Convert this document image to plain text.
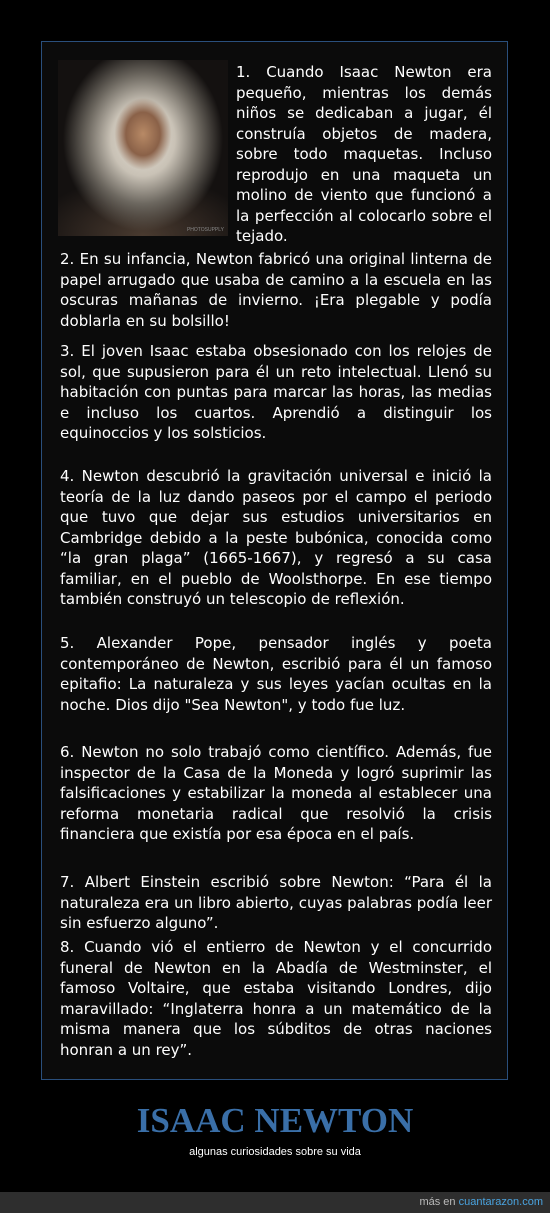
PHOTOSUPPLY

1. Cuando Isaac Newton era pequeño, mientras los demás niños se dedicaban a jugar, él construía objetos de madera, sobre todo maquetas. Incluso reprodujo en una maqueta un molino de viento que funcionó a la perfección al colocarlo sobre el tejado.

2. En su infancia, Newton fabricó una original linterna de papel arrugado que usaba de camino a la escuela en las oscuras mañanas de invierno. ¡Era plegable y podía doblarla en su bolsillo!

3. El joven Isaac estaba obsesionado con los relojes de sol, que supusieron para él un reto intelectual. Llenó su habitación con puntas para marcar las horas, las medias e incluso los cuartos. Aprendió a distinguir los equinoccios y los solsticios.

4. Newton descubrió la gravitación universal e inició la teoría de la luz dando paseos por el campo el periodo que tuvo que dejar sus estudios universitarios en Cambridge debido a la peste bubónica, conocida como “la gran plaga” (1665-1667), y regresó a su casa familiar, en el pueblo de Woolsthorpe. En ese tiempo también construyó un telescopio de reflexión.

5. Alexander Pope, pensador inglés y poeta contemporáneo de Newton, escribió para él un famoso epitafio: La naturaleza y sus leyes yacían ocultas en la noche. Dios dijo "Sea Newton", y todo fue luz.

6. Newton no solo trabajó como científico. Además, fue inspector de la Casa de la Moneda y logró suprimir las falsificaciones y estabilizar la moneda al establecer una reforma monetaria radical que resolvió la crisis financiera que existía por esa época en el país.

7. Albert Einstein escribió sobre Newton: “Para él la naturaleza era un libro abierto, cuyas palabras podía leer sin esfuerzo alguno”.

8. Cuando vió el entierro de Newton y el concurrido funeral de Newton en la Abadía de Westminster, el famoso Voltaire, que estaba visitando Londres, dijo maravillado: “Inglaterra honra a un matemático de la misma manera que los súbditos de otras naciones honran a un rey”.

ISAAC NEWTON

algunas curiosidades sobre su vida

más en cuantarazon.com
